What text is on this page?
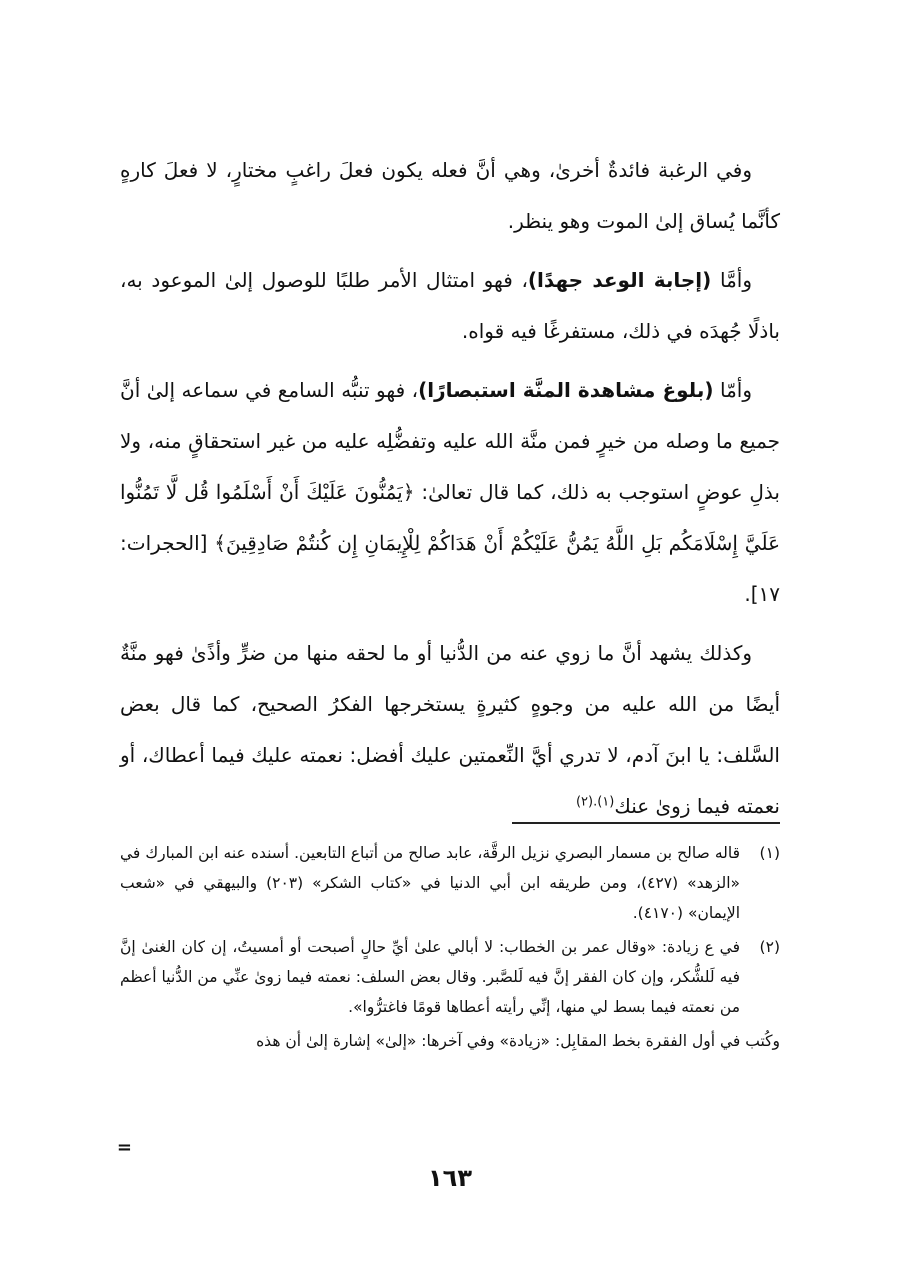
وفي الرغبة فائدةٌ أخرىٰ، وهي أنَّ فعله يكون فعلَ راغبٍ مختارٍ، لا فعلَ كارهٍ كأنَّما يُساق إلىٰ الموت وهو ينظر.

وأمَّا (إجابة الوعد جهدًا)، فهو امتثال الأمر طلبًا للوصول إلىٰ الموعود به، باذلًا جُهدَه في ذلك، مستفرغًا فيه قواه.

وأمّا (بلوغ مشاهدة المنَّة استبصارًا)، فهو تنبُّه السامع في سماعه إلىٰ أنَّ جميع ما وصله من خيرٍ فمن منَّة الله عليه وتفضُّلِه عليه من غير استحقاقٍ منه، ولا بذلِ عوضٍ استوجب به ذلك، كما قال تعالىٰ: ﴿يَمُنُّونَ عَلَيْكَ أَنْ أَسْلَمُوا قُل لَّا تَمُنُّوا عَلَيَّ إِسْلَامَكُم بَلِ اللَّهُ يَمُنُّ عَلَيْكُمْ أَنْ هَدَاكُمْ لِلْإِيمَانِ إِن كُنتُمْ صَادِقِينَ﴾ [الحجرات: ١٧].

وكذلك يشهد أنَّ ما زوي عنه من الدُّنيا أو ما لحقه منها من ضرٍّ وأذًىٰ فهو منَّةٌ أيضًا من الله عليه من وجوهٍ كثيرةٍ يستخرجها الفكرُ الصحيح، كما قال بعض السَّلف: يا ابنَ آدم، لا تدري أيَّ النِّعمتين عليك أفضل: نعمته عليك فيما أعطاك، أو نعمته فيما زوىٰ عنك$^{(١).(٢)}$

(١)
قاله صالح بن مسمار البصري نزيل الرقَّة، عابد صالح من أتباع التابعين. أسنده عنه ابن المبارك في «الزهد» (٤٢٧)، ومن طريقه ابن أبي الدنيا في «كتاب الشكر» (٢٠٣) والبيهقي في «شعب الإيمان» (٤١٧٠).
(٢)
في ع زيادة: «وقال عمر بن الخطاب: لا أبالي علىٰ أيِّ حالٍ أصبحت أو أمسيتُ، إن كان الغنىٰ إنَّ فيه لَلشُّكر، وإن كان الفقر إنَّ فيه لَلصَّبر. وقال بعض السلف: نعمته فيما زوىٰ عنِّي من الدُّنيا أعظم من نعمته فيما بسط لي منها، إنِّي رأيته أعطاها قومًا فاغترُّوا».

وكُتب في أول الفقرة بخط المقابِل: «زيادة» وفي آخرها: «إلىٰ» إشارة إلىٰ أن هذه

=
١٦٣
